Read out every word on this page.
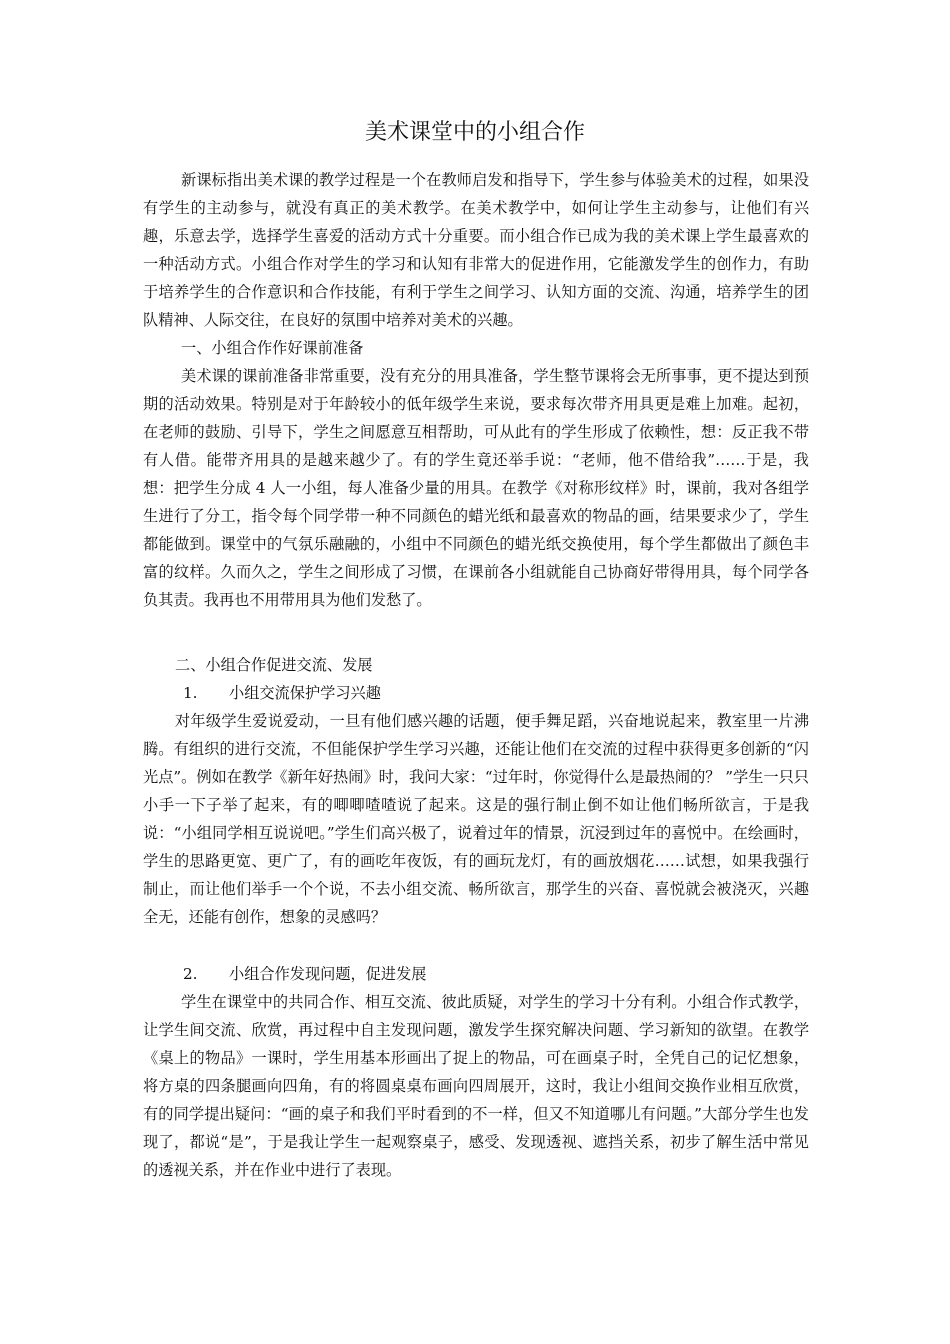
美术课堂中的小组合作

新课标指出美术课的教学过程是一个在教师启发和指导下，学生参与体验美术的过程，如果没有学生的主动参与，就没有真正的美术教学。在美术教学中，如何让学生主动参与，让他们有兴趣，乐意去学，选择学生喜爱的活动方式十分重要。而小组合作已成为我的美术课上学生最喜欢的一种活动方式。小组合作对学生的学习和认知有非常大的促进作用，它能激发学生的创作力，有助于培养学生的合作意识和合作技能，有利于学生之间学习、认知方面的交流、沟通，培养学生的团队精神、人际交往，在良好的氛围中培养对美术的兴趣。

一、小组合作作好课前准备

美术课的课前准备非常重要，没有充分的用具准备，学生整节课将会无所事事，更不提达到预期的活动效果。特别是对于年龄较小的低年级学生来说，要求每次带齐用具更是难上加难。起初，在老师的鼓励、引导下，学生之间愿意互相帮助，可从此有的学生形成了依赖性，想：反正我不带有人借。能带齐用具的是越来越少了。有的学生竟还举手说：“老师，他不借给我”……于是，我想：把学生分成 4 人一小组，每人准备少量的用具。在教学《对称形纹样》时，课前，我对各组学生进行了分工，指令每个同学带一种不同颜色的蜡光纸和最喜欢的物品的画，结果要求少了，学生都能做到。课堂中的气氛乐融融的，小组中不同颜色的蜡光纸交换使用，每个学生都做出了颜色丰富的纹样。久而久之，学生之间形成了习惯，在课前各小组就能自己协商好带得用具，每个同学各负其责。我再也不用带用具为他们发愁了。

二、小组合作促进交流、发展

1. 小组交流保护学习兴趣

对年级学生爱说爱动，一旦有他们感兴趣的话题，便手舞足蹈，兴奋地说起来，教室里一片沸腾。有组织的进行交流，不但能保护学生学习兴趣，还能让他们在交流的过程中获得更多创新的“闪光点”。例如在教学《新年好热闹》时，我问大家：“过年时，你觉得什么是最热闹的？ ”学生一只只小手一下子举了起来，有的唧唧喳喳说了起来。这是的强行制止倒不如让他们畅所欲言，于是我说：“小组同学相互说说吧。”学生们高兴极了，说着过年的情景，沉浸到过年的喜悦中。在绘画时，学生的思路更宽、更广了，有的画吃年夜饭，有的画玩龙灯，有的画放烟花……试想，如果我强行制止，而让他们举手一个个说，不去小组交流、畅所欲言，那学生的兴奋、喜悦就会被浇灭，兴趣全无，还能有创作，想象的灵感吗？

2. 小组合作发现问题，促进发展

学生在课堂中的共同合作、相互交流、彼此质疑，对学生的学习十分有利。小组合作式教学，让学生间交流、欣赏，再过程中自主发现问题，激发学生探究解决问题、学习新知的欲望。在教学《桌上的物品》一课时，学生用基本形画出了捉上的物品，可在画桌子时，全凭自己的记忆想象，将方桌的四条腿画向四角，有的将圆桌桌布画向四周展开，这时，我让小组间交换作业相互欣赏，有的同学提出疑问：“画的桌子和我们平时看到的不一样，但又不知道哪儿有问题。”大部分学生也发现了，都说“是”，于是我让学生一起观察桌子，感受、发现透视、遮挡关系，初步了解生活中常见的透视关系，并在作业中进行了表现。
